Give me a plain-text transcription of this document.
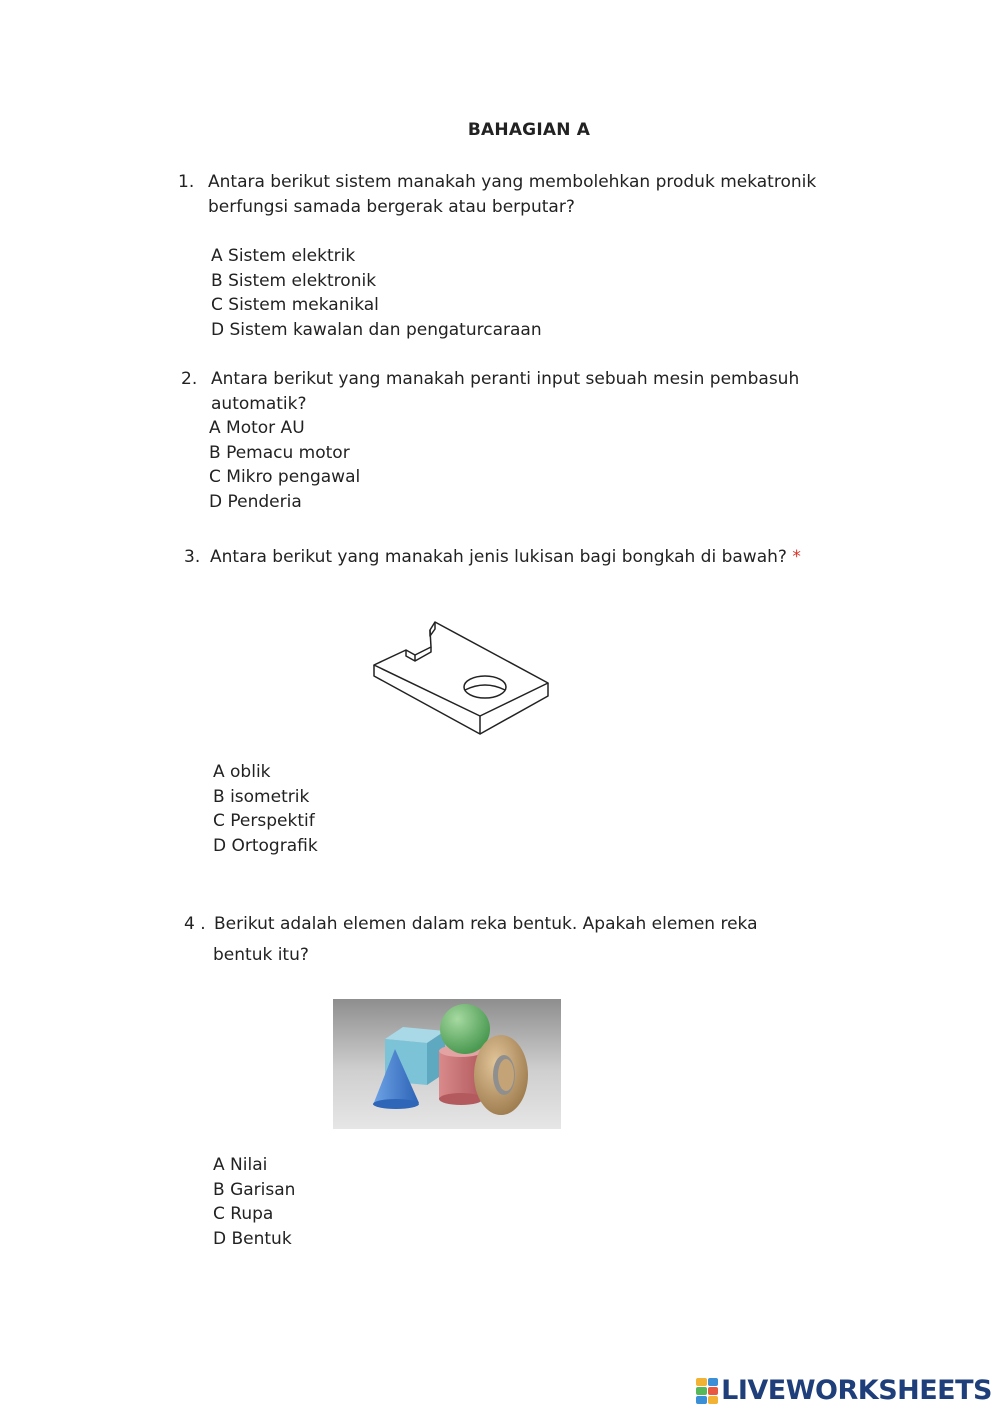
BAHAGIAN A
1. Antara berikut sistem manakah yang membolehkan produk mekatronik
berfungsi samada bergerak atau berputar?
A Sistem elektrik
B Sistem elektronik
C Sistem mekanikal
D Sistem kawalan dan pengaturcaraan
2. Antara berikut yang manakah peranti input sebuah mesin pembasuh
automatik?
A Motor AU
B Pemacu motor
C Mikro pengawal
D Penderia
3. Antara berikut yang manakah jenis lukisan bagi bongkah di bawah? *
A oblik
B isometrik
C Perspektif
D Ortografik
4 . Berikut adalah elemen dalam reka bentuk. Apakah elemen reka
bentuk itu?
A Nilai
B Garisan
C Rupa
D Bentuk
LIVEWORKSHEETS
